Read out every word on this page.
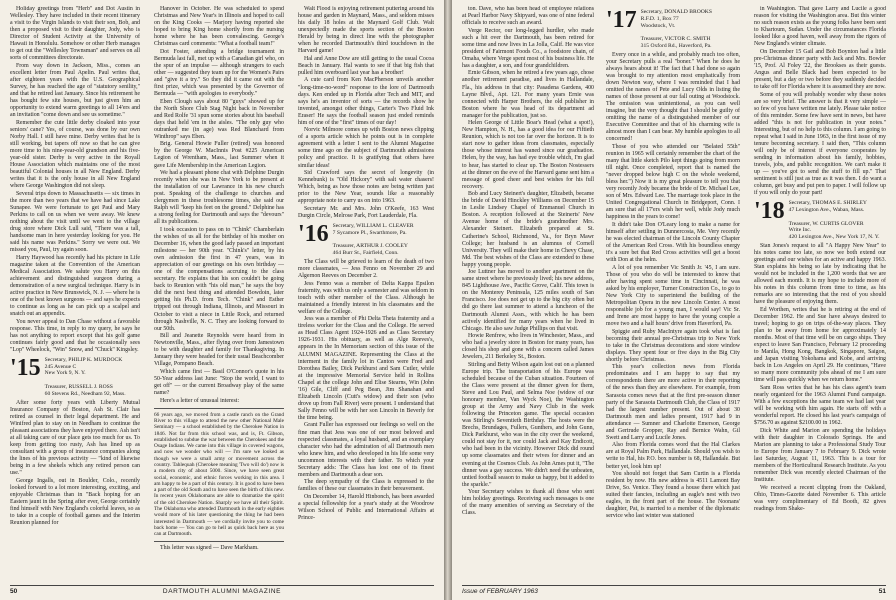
Holiday greetings from "Herb" and Dot Austin in Wellesley. They have included in their recent itinerary a visit to the Virgin Islands to visit their son, Bob, and then a proposed visit to their daughter, Jody, who is Director of Student Activity at the University of Hawaii in Honolulu. Somehow or other Herb manages to get out the "Wellesley Townsman" and serves on all sorts of committees directorate.

From way down in Jackson, Miss., comes an excellent letter from Paul Apelin. Paul writes that, after eighteen years with the U.S. Geographical Survey, he has reached the age of "statutory senility," and that he retired last January. Since his retirement he has bought few site houses, but just given him an opportunity to extend warm greetings to all 14'ers and an invitation "come down and see us sometime."

Remember the cute little derby cloaked into your seniors' cane? Yes, of course, was done by our own Norby Hall. I still have mine. Derby writes that he is still working, but tapers off now so that he can give more time to his nine-year-old grandson and his five-year-old sister. Derby is very active in the Royall House Association which maintains one of the most beautiful Colonial houses in all New England. Derby writes that it is the only house in all New England where George Washington did not sleep.

Several trips down to Massachusetts — six times in the more than two years that we have had since Lake Sunapee. We were fortunate to get Paul and Mary Perkins to call on us when we were away. We knew nothing about the visit until we went to the village drug store where Dick Lull said, "There was a tall, handsome man in here yesterday looking for you. He said his name was Perkins." Sorry we were out. We missed you, Paul, try again soon.

Harry Haywood has recently had his picture in Life magazine taken at the Convention of the American Medical Association. We salute you Harry on this achievement and distinguished surgeon during a demonstration of a new surgical technique. Harry is in active practice in New Brunswick, N. J. — where he is one of the best known surgeons — and says he expects to continue as long as he can pick up a scalpel and snatch out an appendix.

You never appeal to Dan Chase without a favorable response. This time, in reply to my query, he says he has not anything to report except that his golf game continues fairly good and that he occasionally sees "Lop" Wheelock, "Win" Snow, and "Chuck" Kingsley.

'15 Secretary, PHILIP K. MURDOCK
245 Avenue C
New York 9, N. Y.

Treasurer, RUSSELL J. ROSS
60 Stevens Rd., Needham 92, Mass.

After some forty years with Liberty Mutual Insurance Company of Boston, Ash St. Clair has retired as counsel in their legal department. He and Winifred plan to stay on in Needham to continue the pleasant associations they have enjoyed there. Ash isn't at all taking care of our place gets too much for us. To keep from getting too rusty, Ash has lined up as consultant with a group of insurance companies along the lines of his previous activity — "kind of likewise being in a few shekels which any retired person can use."

George Ingalls, out in Boulder, Colo., recently looked forward to a lot more interesting, exciting, and enjoyable Christmas than in "Back hoping for an Eastern jaunt in the Spring after ever, George certainly find himself with New England's colorful leaves, so as to take in a couple of football games and the Interim Reunion planned for

Hanover in October. He was scheduled to spend Christmas and New Year's in Illinois and hoped to call on the King Cooks — Marjory having reported she hoped to bring King home shortly from the nursing home where he has been convalescing. George's Christmas card comments: "What a football team!"

Dot Foster, attending a bridge tournament in Bermuda last fall, met up with a Canadian girl who, on the spur of an impulse — although strangers to each other — suggested they team up for the Women's Pairs and "give it a try." So they did it came out with the first prize, which was presented by the Governor of Bermuda — "with apologies to everybody."

Eben Clough says about 80 "guys" showed up for the North Shore Club Stag Night back in November and Red Rolfe '31 spun some stories about his baseball days that held 'em in the aisles. "The only guy who outranked me (in age) was Red Blanchard from Winthrop" says Eben.

Brig. General Howie Fuller (retired) was honored by the George W. MacInnis Post #225 American Legion of Wrentham, Mass., last Summer when it gave Life Membership in the American Legion.

We had a pleasant phone chat with Delphine Durgin recently when she was in New York to be present at the installation of our Lawrance in his new church post. Speaking of the challenge to churches and clergymen in these troublesome times, she said our Ralph will "keep his feet on the ground." Delphine has a strong feeling for Dartmouth and says the "devours" all its publications.

I took occasion to pass on to "Chink" Chamberlain the wishes of us all for the birthday of his mother on December 16, when the good lady passed an important milestone — her 90th year. "Chink's" letter, by his own admission the first in 47 years, was in appreciation of our greetings on his own birthday — one of the compensations accruing to the class secretary. He explains that his son couldn't be going back to Reunion with "his old man," he says the boy did the next best thing and attended Bowdoin, later getting his Ph.D. from Tech. "Chink" and Esther tripped out through Indiana, Illinois, and Missouri in October to visit a niece in Little Rock, and returned through Nashville, N. C. They are looking forward to our 50th.

Bill and Jeanette Reynolds were heard from in Newtonville, Mass., after flying over from Jamestown to be with daughter and family for Thanksgiving. In January they were headed for their usual Beachcomber Village, Pompano Beach.

Which came first — Basil O'Connor's quote in his 50-Year address last June: "Stop the world, I want to get off" — or the current Broadway play of the same name?

Here's a letter of unusual interest:

66 years ago, we moved from a castle ranch on the Grand River to this village to attend the new other National Male Seminary — a school established by the Cherokee Nation in 1846. Not far from this school was, and is, Ft. Gibson, established to subdue the war between the Cherokees and the Osage Indians. We came into this village in covered wagons, and now we wonder who will — I'm sure we looked as though we were a small army or movement across the country. Tahlequah (Cherokee meaning 'Two will do') now is a modern city of about 5000. Since, we have seen great social, economic, and ethnic forces working in this area. I am happy to be a part of this century. It is good to have been a part of the old South and to have seen the birth of this new. In recent years Oklahomans are able to dramatize the spirit of the old Cherokee Nation. Sharply we have all their Spirit. The Oklahoma who attended Dartmouth in the early eighties would more of his later questioning the thing he had been interested in Dartmouth — we cordially invite you to come back home — You can go to hell as quick back here as you can at Dartmouth.

This letter was signed — Dave Markham.

Walt Flood is enjoying retirement puttering around his house and garden in Maynard, Mass., and seldom misses his daily 18 holes at the Maynard Golf Club. Walt unexpectedly made the sports section of the Boston Herald by being in direct line with the photographer when he recorded Dartmouth's third touchdown in the Harvard game!

Hal and Anne Dow are still getting to the usual Cocoa Beach in January. Hal wants to see if that big fish that pulled him overboard last year has a brother!

A cute card from Ken MacPherson unveils another "long-time-no-word" response to the lore of Dartmouth days. Ken ended up in Florida after Tech and MIT, and says he's an inventor of sorts — the records show he invented, amongst other things, Carter's Two Fluid Ink Eraser! He says the football season just ended reminds him of one of the "first" times of our day!

Norvic Milmore comes up with Boston news clipping of a sports article which he points out is in complete agreement with a letter I sent to the Alumni Magazine some time ago on the subject of Dartmouth admissions policy and practice. It is gratifying that others have similar ideas!

Sid Crawford says the secret of longevity (in Kennebunk) is "Old Hickory" with salt water chasers! Which, being as how those notes are being written just prior to the New Year, sounds like a reasonably appropriate note to carry us on into 1963.

Secretary Mr. and Mrs. John O'Keefe, 163 West Durgin Circle, Melrose Park, Fort Lauderdale, Fla.

'16 Secretary, WILLIAM L. CLEAVER
7 Sycamore Pl., Swarthmore, Pa.

Treasurer, ARTHUR J. COOLEY
464 Burr St., Fairfield, Conn.

The Class will be grieved to learn of the death of two more classmates, — Jess Fenno on November 29 and Algernon Reeves on December 2.

Jess Fenno was a member of Delta Kappa Epsilon fraternity, was with us only a semester and was seldom in touch with other member of the Class. Although he maintained a friendly interest in his classmates and the welfare of the College.

Jess was a member of Phi Delta Theta fraternity and a tireless worker for the Class and the College. He served as Head Class Agent 1924-1926 and as Class Secretary 1926-1931. His obituary, as well as Alge Reeves's, appears in the In Memoriam section of this issue of the ALUMNI MAGAZINE. Representing the Class at the interment in the family lot in Canton were Fred and Dorothea Bailey, Dick Parkhurst and Sam Cutler, while at the impressive Memorial Service held in Rollins Chapel at the college John and Elise Stearns, Win (John '16) Gile, Cliff and Peg Bean, Jim Shanahan and Elizabeth Lincoln (Cutt's widow) and their son (who drove up from Fall River) were present. I understand that Sally Fenno will be with her son Lincoln in Beverly for the time being.

Grant Fuller has expressed our feelings so well on the fine man that Jess was one of our most beloved and respected classmates, a loyal husband, and an exemplary character who had the admiration of all Dartmouth men who knew him, and who developed in his life some very uncommon interests with their father. To which your Secretary adds: The Class has lost one of its finest members and Dartmouth a dear son.

The deep sympathy of the Class is expressed to the families of these our classmates in their bereavement.

On December 14, Harold Hinbonch, has been awarded a special fellowship for a year's study at the Woodrow Wilson School of Public and International Affairs at Prince-

50	DARTMOUTH ALUMNI MAGAZINE

ton. Dave, who has been head of employee relations at Pearl Harbor Navy Shipyard, was one of nine federal officials to receive such an award.

Verge Rector, our long-legged hurdler, who made such a hit over the Dartmouth, has been retired for some time and now lives in La Jolla, Calif. He was vice president of Fairmont Foods Co., a foodstore chain, of Omaha, where Verge spent most of his business life. He has a daughter, a son, and four grandchildren.

Ernie Gibson, when he retired a few years ago, chose another retirement paradise, and lives in Hallandale, Fla., his address in that city: Pasadena Gardens, 400 Layne Blvd., Apt. 121. For many years Ernie was connected with Harper Brothers, the old publisher in Boston where he was head of its department ad manager for the publication, just so.

Helen George of Little Boar's Head (what a spot!), New Hampton, N. H., has a good idea for our Fiftieth Reunion, which is not too far over the horizon. It is to start now to gather ideas from classmates, especially those whose interest has waned since our graduation. Helen, by the way, has had eye trouble which, I'm glad to hear, has started to clear up. The Boston Nostessers at the dinner on the eve of the Harvard game sent him a message of good cheer and best wishes for his full recovery.

Bob and Lucy Steinert's daughter, Elizabeth, became the bride of David Hinckley Williams on December 15 in Leslie Lindsey Chapel of Emmanuel Church in Boston. A reception followed at the Steinerts' New Avenue home of the bride's grandmother Mrs. Alexander Steinert. Elizabeth prepared at St. Catherine's School, Richmond, Va., for Bryn Mawr College; her husband is an alumnus of Cornell University. They will make their home in Chevy Chase, Md. The best wishes of the Class are extended to these happy young people.

Joe Luttner has moved to another apartment on the same street where he previously lived; his new address, 845 Lighthouse Ave., Pacific Grove, Calif. This town is on the Monterey Peninsula, 125 miles south of San Francisco. Joe does not get up to the big city often but did go there last summer to attend a luncheon of the Dartmouth Alumni Assn., with which he has been actively identified for many years when he lived in Chicago. He also saw Judge Phillips on that visit.

Howie Renfrew, who lives in Winchester, Mass., and who had a jewelry store in Boston for many years, has closed his shop and gone with a concern called James Jewelers, 211 Berkeley St., Boston.

Stirling and Betty Wilson again lost out on a planned Europe trip. The transportation of his Europe was scheduled because of the Cuban situation. Fourteen of the Class were present at the dinner given for them, Steve and Lou Paul, and Selma Noe (widow of our honorary member, Van Wyck Noe), the Washington group at the Army and Navy Club in the week following the Princeton game. The special occasion was Stirling's Seventieth Birthday. The hosts were the Brechs, Brundages, Fullers, Gunthers, and John Gunn, Dick Parkhurst, who was in the city over the weekend, could not stay for it, nor could Jack and Kay Endicott, who had been in the vicinity. However Dick did round up some classmates and their wives for dinner and an evening at the Cosmos Club. As John Ames put it, "The dinner was a gay success. We didn't need the unbeaten, untied football season to make us happy, but it added to the sparkle."

Your Secretary wishes to thank all those who sent him holiday greetings. Receiving such messages is one of the many amenities of serving as Secretary of the Class.

'17 Secretary, DONALD BROOKS
R.F.D. 1, Box 77
Woodstock, Vt.

Treasurer, VICTOR C. SMITH
315 Oxford Rd., Haverford, Pa.

Every once in a while, and probably much too often, your Secretary pulls a real "boner." When he does he always hears about it! The fact that I had done so again was brought to my attention most emphatically from down Newton way, where I was reminded that I had omitted the names of Pete and Lucy Olds in listing the names of those present at our fall outing at Woodstock. The omission was unintentional, as you can well imagine, but the very thought that I should be guilty of omitting the name of a distinguished member of our Executive Committee and that of his charming wife is almost more than I can bear. My humble apologies to all concerned!

Those of you who attended our "Belated 55th" reunion in 1965 will certainly remember the chart of the many that little sketch Pilo kept things going from morn till night. Once completed, report that is named the "never dropped below high C on the whole weekend, bless her.") Now it is my great pleasure to tell you that very recently Jody became the bride of Dr. Michael Lee, son of Mrs. Edward Lee. The marriage took place in the United Congregational Church in Bridgeport, Conn. I am sure that all 17'ers wish her well, while Jody much happiness in the years to come!

It didn't take Don O'Leary long to make a name for himself after settling in Dunnercosta, Me. Very recently he was elected chairman of the Lincoln County Chapter of the American Red Cross. With his boundless energy it's a sure bet that Red Cross activities will get a boost with Don at the helm.

A lot of you remember Vic Smith Jr. '45, I am sure. Those of you who do will be interested to know that after having spent some time in Cincinnati, he was asked by his employer, Turner Construction Co., to go to New York City to superintend the building of the Metropolitan Opera in the new Lincoln Center. A most responsible job for a young man, I would say! Vic Sr. and Irene are most happy to have the young couple a move two and a half hours' drive from Haverford, Pa.

Spiggie and Ruby MacIntyre again took what is fast becoming their annual pre-Christmas trip to New York to take in the Christmas decorations and store window displays. They spent four or five days in the Big City shortly before Christmas.

This year's collection news from Florida predominates and I am happy to say that my correspondents there are more active in their reporting of the news than they are elsewhere. For example, from Sarasota comes news that at the first pre-season dinner party of the Sarasota Dartmouth Club, the Class of 1917 had the largest number present. Out of about 30 Dartmouth men and ladies present, 1917 had 9 in attendance — Sumner and Charlotte Emerson, George and Gertrude Gropper, Ray and Bernice Wahn, Gil Swett and Larry and Lucile Jones.

Also from Florida comes word that the Hal Clarkes are at Royal Palm Park, Hallandale. Should you wish to write to Hal, his P.O. box number is 68, Hallandale. But better yet, look him up!

You should not forget that Sam Curtin is a Florida resident by now. His new address is 4511 Lamont Bay Drive, So. Venice. They found a house there which just suited their fancies, including an eagle's nest with two eagles, in the front part of the house. The Noonans' daughter, Pat, is married to a member of the diplomatic service who last winter was stationed

in Washington. That gave Larry and Lucile a good reason for visiting the Washington area. But this winter no such reason exists as the young folks have been sent to Khartoum, Sudan. Under the circumstances Florida looked like a good haven, well away from the rigors of New England's winter climate.

On December 15 Gail and Bob Boynton had a little pre-Christmas dinner party with Jack and Mrs. Bowler '15, Prof. Al Foley '22, the Brookses as their guests. Angus and Belle Black had been expected to be present, but a day or two before they suddenly decided to take off for Florida where it is assumed they are now.

Some of you will probably wonder why these notes are so very brief. The answer is that it very simple — so few of you have written me lately. Please take notice of this reminder. Some few have sent in news, but have added "this is not for publication in your notes." Interesting, but of no help to this column. I am going to repeat what I said in June 1963, in the first issue of my tenure becoming secretary. I said then, "This column will only be of interest if everyone cooperates by sending in information about his family, hobbies, travels, jobs, and public recognition. We can't make it up — you've got to send the stuff to fill up." That sentiment is still just as true as it was then. I do want a column, get busy and put pen to paper. I will follow up if you will only do your part!

'18 Secretary, THOMAS E. SHIRLEY
47 Lexington Ave., Waban, Mass.

Treasurer, W. CURTIS GLOVER
Write Inc.
420 Lexington Ave., New York 17, N. Y.

Stan Jones's request to all "A Happy New Year" to his notes came too late, so now we both extend our greetings and our wishes for an active and happy 1963. Stan explains his being so late by indicating that he would not be included in the 1,200 words that we are allowed each month. It is my hope to include more of his notes in this column from time to time, as his remarks are so interesting that the rest of you should have the pleasure of enjoying them.

Ed Worthen, writes that he is retiring at the end of December 1962. He and Sue have always desired to travel; hoping to go on trips of-the-way places. They plan to be away from home for approximately 14 months. Most of that time will be on cargo ships. They expect to leave San Francisco, February 12 proceeding to Manila, Hong Kong, Bangkok, Singapore, Saigon, and Japan visiting Yokohama and Kobe, and arriving back in Los Angeles on April 29. He continues, "Have so many more community jobs ahead of me I am sure time will pass quickly when we return home."

Sam Ross writes that he has his class agent's team nearly organized for the 1963 Alumni Fund campaign. With a few exceptions the same team we had last year will be working with him again. He starts off with a wonderful report. He closed his last year's campaign of $756.70 as against $2100.00 in 1962.

Dick White and Marion are spending the holidays with their daughter in Colorado Springs. He and Marion are planning to take a Professional Study Tour to Europe from January 7 to February 9. Dick wrote last Saturday, August 11, 1963. This is a tour for members of the Horticultural Research Institute. As you remember Dick was recently elected Chairman of the Institute.

We received a recent clipping from the Oakland, Ohio, Times-Gazette dated November 6. This article was very complimentary of Ed Booth, 82 gives readings from Shake-

Issue of FEBRUARY 1963	51
